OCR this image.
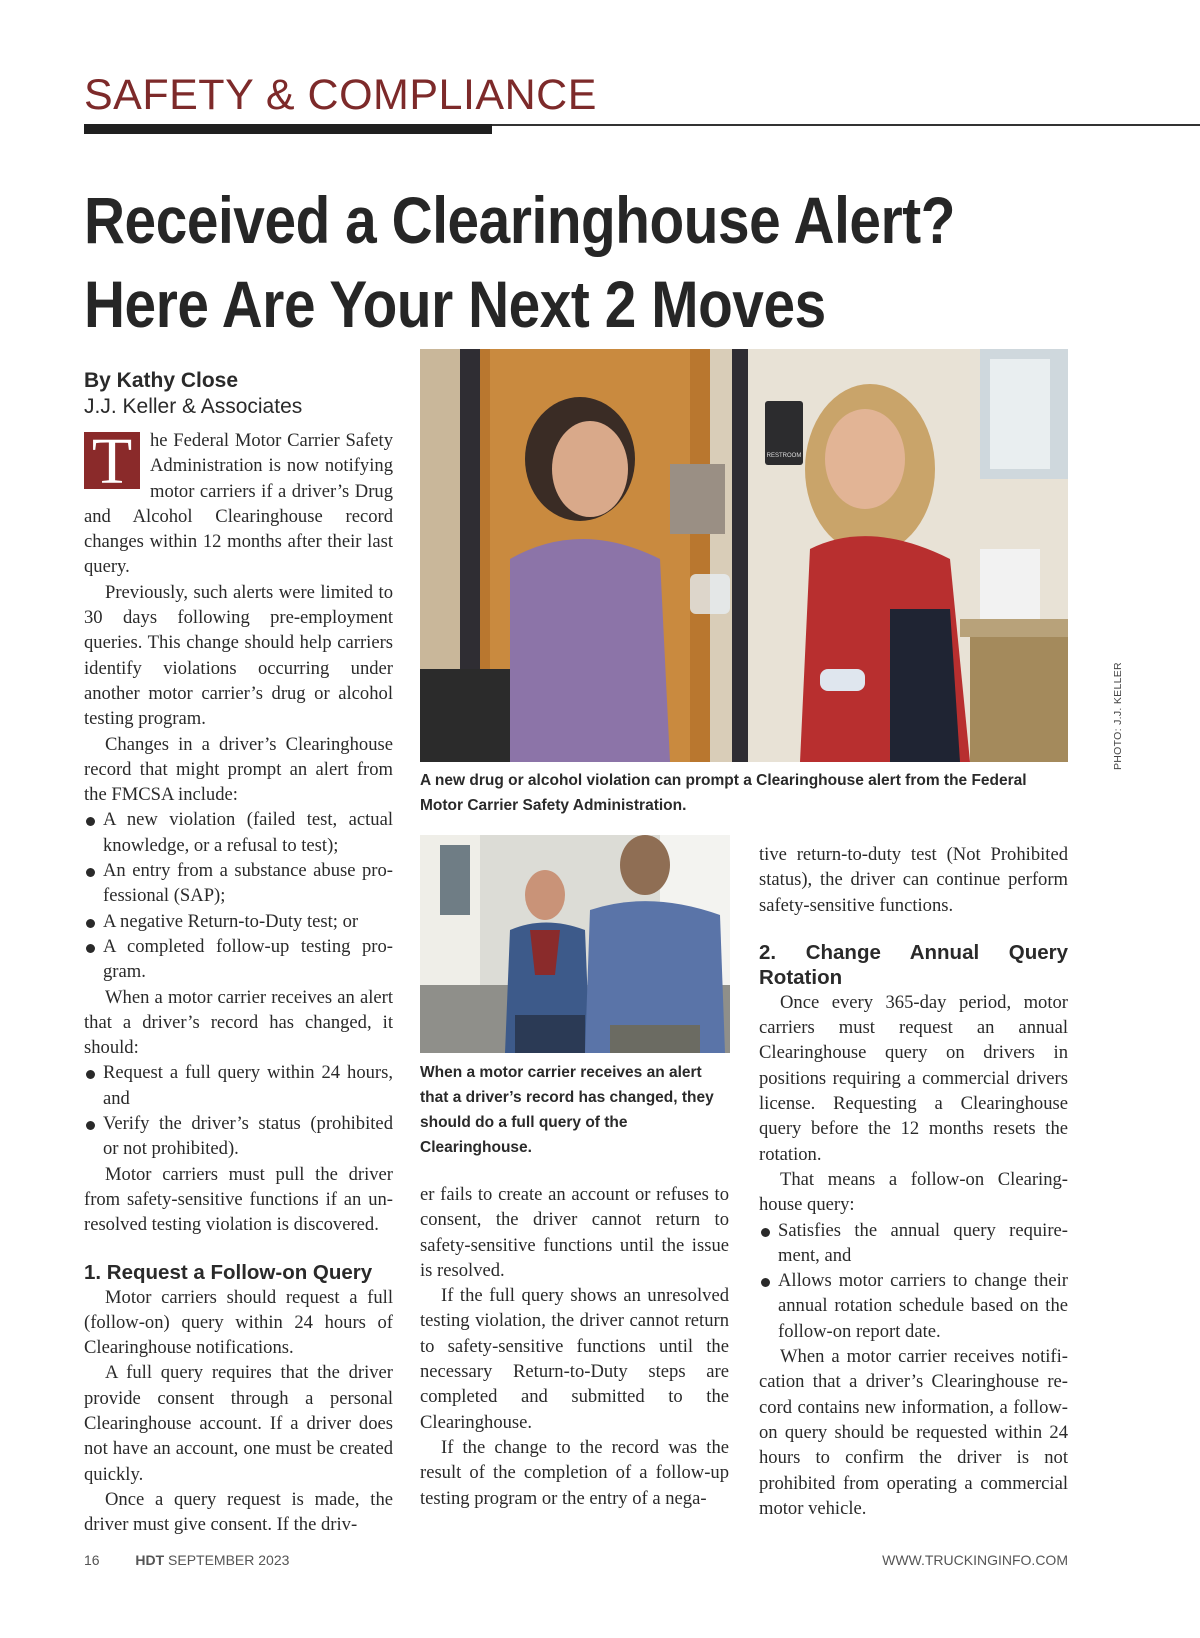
SAFETY & COMPLIANCE
Received a Clearinghouse Alert?
Here Are Your Next 2 Moves
By Kathy Close
J.J. Keller & Associates

T he Federal Motor Carrier Safety Administration is now notifying motor carriers if a driver’s Drug and Alcohol Clearinghouse record changes within 12 months after their last query.

Previously, such alerts were limited to 30 days following pre-employment queries. This change should help carriers identify violations occurring under another motor carrier’s drug or alcohol testing program.

Changes in a driver’s Clearinghouse record that might prompt an alert from the FMCSA include:

A new violation (failed test, actual knowledge, or a refusal to test);
An entry from a substance abuse professional (SAP);
A negative Return-to-Duty test; or
A completed follow-up testing program.

When a motor carrier receives an alert that a driver’s record has changed, it should:

Request a full query within 24 hours, and
Verify the driver’s status (prohibited or not prohibited).

Motor carriers must pull the driver from safety-sensitive functions if an unresolved testing violation is discovered.

1. Request a Follow-on Query

Motor carriers should request a full (follow-on) query within 24 hours of Clearinghouse notifications.

A full query requires that the driver provide consent through a personal Clearinghouse account. If a driver does not have an account, one must be created quickly.

Once a query request is made, the driver must give consent. If the driv-

RESTROOM
PHOTO: J.J. KELLER
A new drug or alcohol violation can prompt a Clearinghouse alert from the Federal Motor Carrier Safety Administration.
When a motor carrier receives an alert that a driver’s record has changed, they should do a full query of the Clearinghouse.

er fails to create an account or refuses to consent, the driver cannot return to safety-sensitive functions until the issue is resolved.

If the full query shows an unresolved testing violation, the driver cannot return to safety-sensitive functions until the necessary Return-to-Duty steps are completed and submitted to the Clearinghouse.

If the change to the record was the result of the completion of a follow-up testing program or the entry of a nega-

tive return-to-duty test (Not Prohibited status), the driver can continue perform safety-sensitive functions.

2. Change Annual Query Rotation

Once every 365-day period, motor carriers must request an annual Clearinghouse query on drivers in positions requiring a commercial drivers license. Requesting a Clearinghouse query before the 12 months resets the rotation.

That means a follow-on Clearinghouse query:

Satisfies the annual query requirement, and
Allows motor carriers to change their annual rotation schedule based on the follow-on report date.

When a motor carrier receives notification that a driver’s Clearinghouse record contains new information, a follow-on query should be requested within 24 hours to confirm the driver is not prohibited from operating a commercial motor vehicle.

16	HDT SEPTEMBER 2023	WWW.TRUCKINGINFO.COM
